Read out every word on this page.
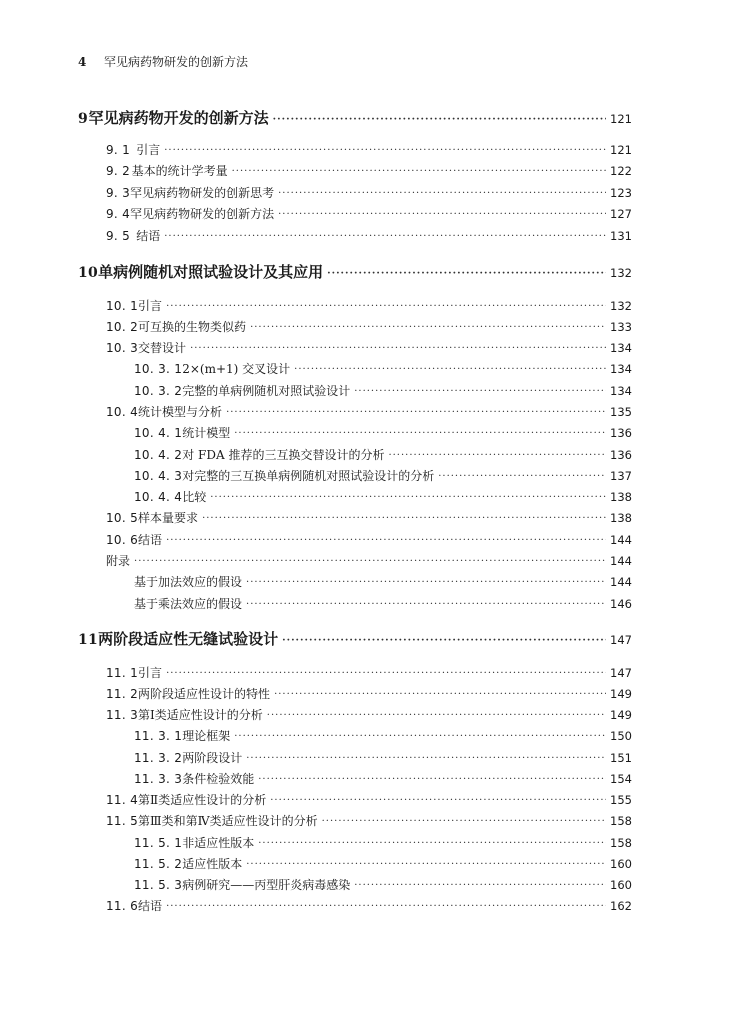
4 罕见病药物研发的创新方法
9 罕见病药物开发的创新方法 ·····	121
9. 1 引言 ·····	121
9. 2 基本的统计学考量 ·····	122
9. 3 罕见病药物研发的创新思考 ·····	123
9. 4 罕见病药物研发的创新方法 ·····	127
9. 5 结语 ·····	131
10 单病例随机对照试验设计及其应用 ·····	132
10. 1 引言 ·····	132
10. 2 可互换的生物类似药 ·····	133
10. 3 交替设计 ·····	134
10. 3. 1 2×(m+1) 交叉设计 ·····	134
10. 3. 2 完整的单病例随机对照试验设计 ·····	134
10. 4 统计模型与分析 ·····	135
10. 4. 1 统计模型 ·····	136
10. 4. 2 对 FDA 推荐的三互换交替设计的分析 ·····	136
10. 4. 3 对完整的三互换单病例随机对照试验设计的分析 ·····	137
10. 4. 4 比较 ·····	138
10. 5 样本量要求 ·····	138
10. 6 结语 ·····	144
附录 ·····	144
基于加法效应的假设 ·····	144
基于乘法效应的假设 ·····	146
11 两阶段适应性无缝试验设计 ·····	147
11. 1 引言 ·····	147
11. 2 两阶段适应性设计的特性 ·····	149
11. 3 第Ⅰ类适应性设计的分析 ·····	149
11. 3. 1 理论框架 ·····	150
11. 3. 2 两阶段设计 ·····	151
11. 3. 3 条件检验效能 ·····	154
11. 4 第Ⅱ类适应性设计的分析 ·····	155
11. 5 第Ⅲ类和第Ⅳ类适应性设计的分析 ·····	158
11. 5. 1 非适应性版本 ·····	158
11. 5. 2 适应性版本 ·····	160
11. 5. 3 病例研究——丙型肝炎病毒感染 ·····	160
11. 6 结语 ·····	162
